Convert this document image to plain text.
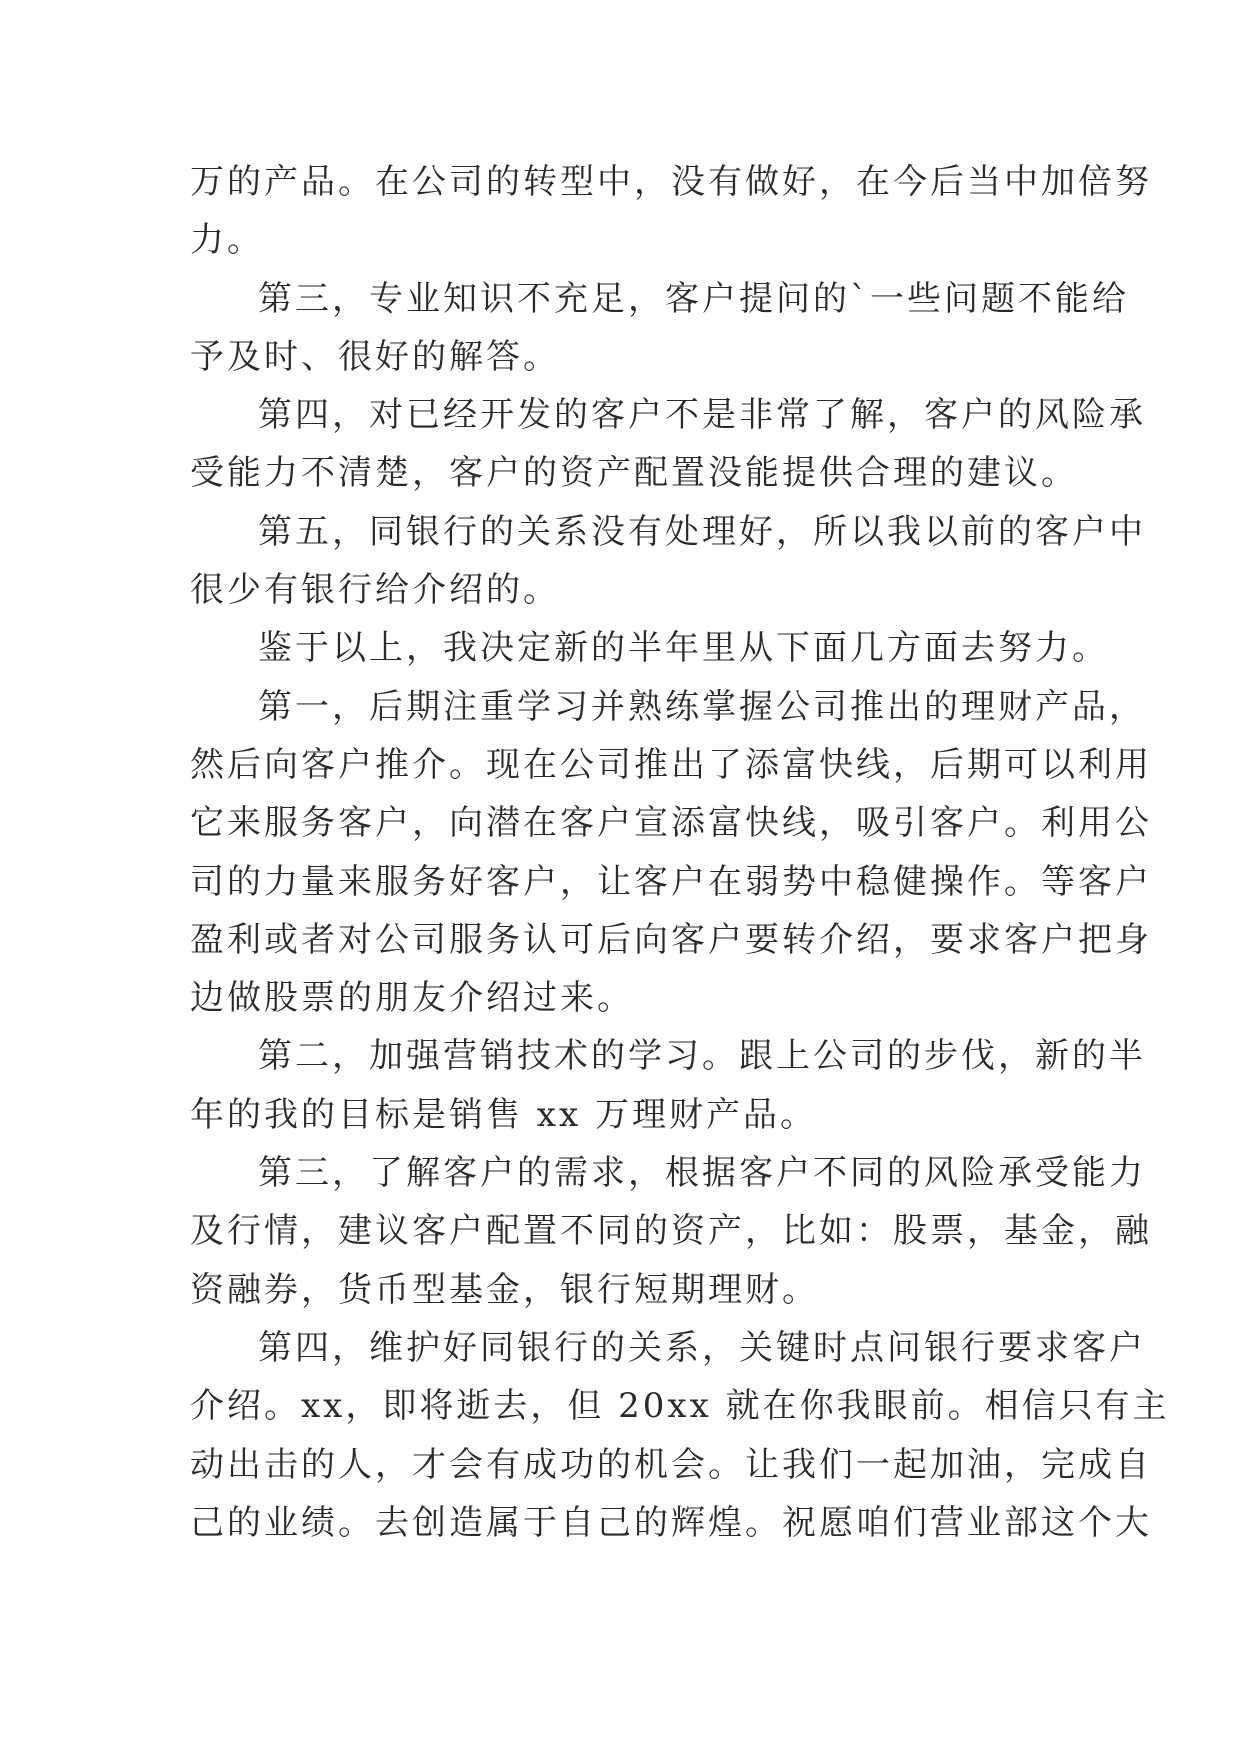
万的产品。在公司的转型中，没有做好，在今后当中加倍努
力。
第三，专业知识不充足，客户提问的`一些问题不能给
予及时、很好的解答。
第四，对已经开发的客户不是非常了解，客户的风险承
受能力不清楚，客户的资产配置没能提供合理的建议。
第五，同银行的关系没有处理好，所以我以前的客户中
很少有银行给介绍的。
鉴于以上，我决定新的半年里从下面几方面去努力。
第一，后期注重学习并熟练掌握公司推出的理财产品，
然后向客户推介。现在公司推出了添富快线，后期可以利用
它来服务客户，向潜在客户宣添富快线，吸引客户。利用公
司的力量来服务好客户，让客户在弱势中稳健操作。等客户
盈利或者对公司服务认可后向客户要转介绍，要求客户把身
边做股票的朋友介绍过来。
第二，加强营销技术的学习。跟上公司的步伐，新的半
年的我的目标是销售 xx 万理财产品。
第三，了解客户的需求，根据客户不同的风险承受能力
及行情，建议客户配置不同的资产，比如：股票，基金，融
资融券，货币型基金，银行短期理财。
第四，维护好同银行的关系，关键时点问银行要求客户
介绍。xx，即将逝去，但 20xx 就在你我眼前。相信只有主
动出击的人，才会有成功的机会。让我们一起加油，完成自
己的业绩。去创造属于自己的辉煌。祝愿咱们营业部这个大
